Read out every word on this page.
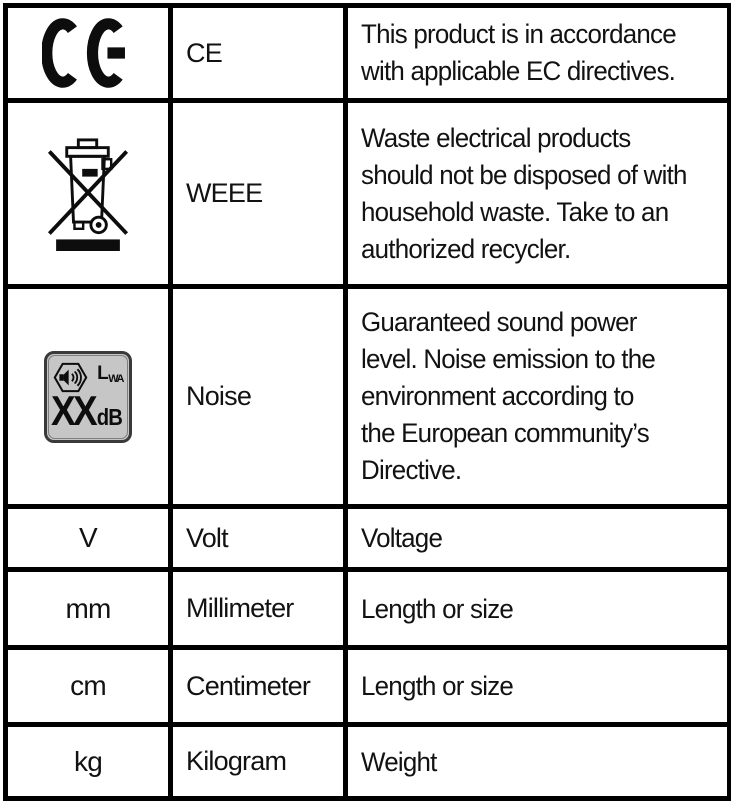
	CE	This product is in accordance
with applicable EC directives.

	WEEE	Waste electrical products
should not be disposed of with
household waste. Take to an
authorized recycler.

$L_{WA}$
XXdB	Noise	Guaranteed sound power
level. Noise emission to the
environment according to
the European community’s
Directive.

V	Volt	Voltage

mm	Millimeter	Length or size

cm	Centimeter	Length or size

kg	Kilogram	Weight
